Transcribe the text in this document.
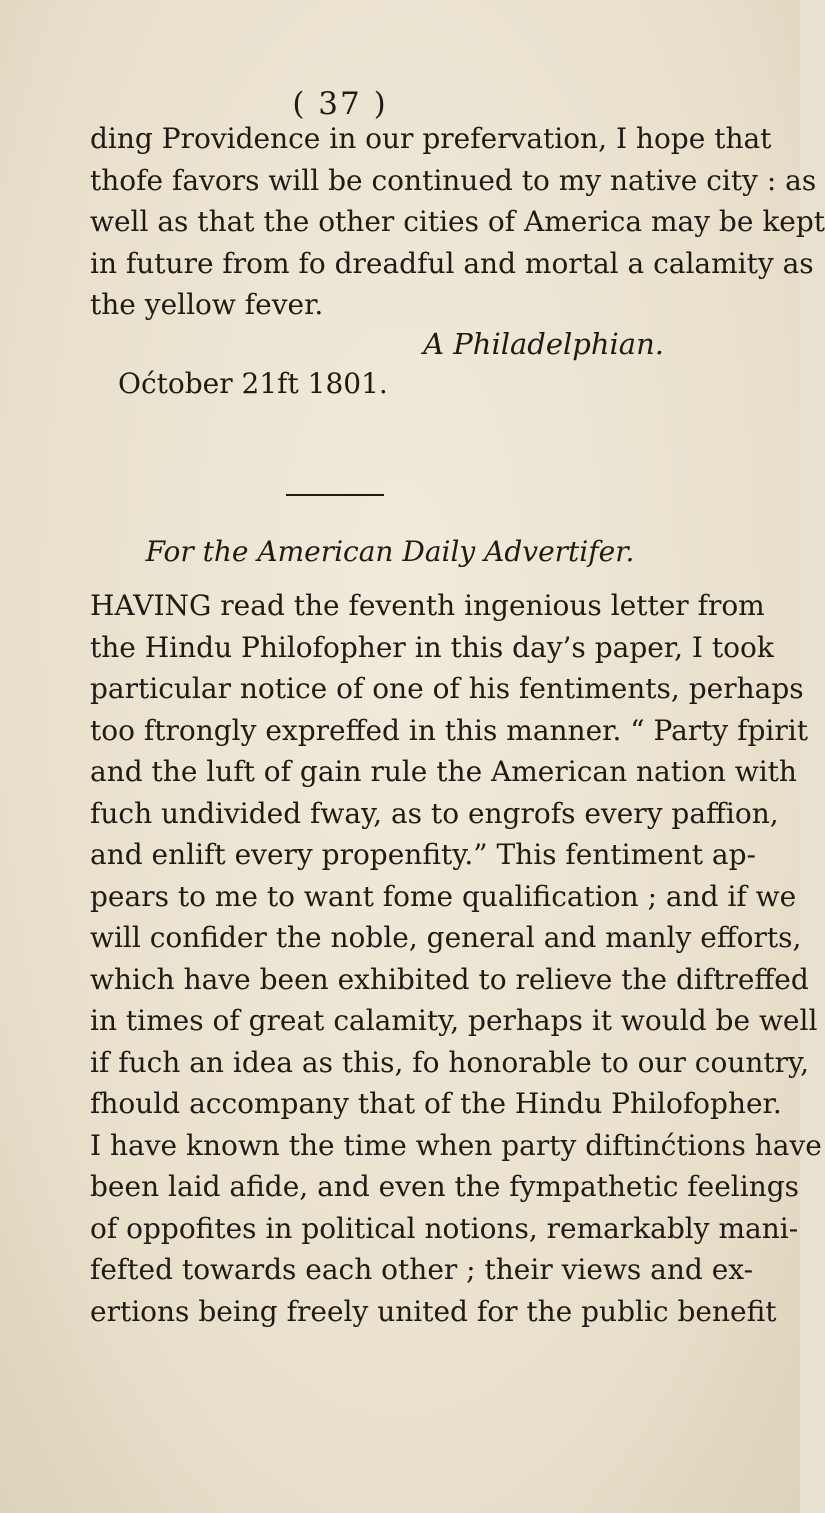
( 37 )
ding Providence in our prefervation, I hope that
thofe favors will be continued to my native city : as
well as that the other cities of America may be kept
in future from fo dreadful and mortal a calamity as
the yellow fever.
A Philadelphian.
Oćtober 21ft 1801.
For the American Daily Advertifer.
HAVING read the feventh ingenious letter from
the Hindu Philofopher in this day’s paper, I took
particular notice of one of his fentiments, perhaps
too ftrongly expreffed in this manner. “ Party fpirit
and the luft of gain rule the American nation with
fuch undivided fway, as to engrofs every paffion,
and enlift every propenfity.” This fentiment ap-
pears to me to want fome qualification ; and if we
will confider the noble, general and manly efforts,
which have been exhibited to relieve the diftreffed
in times of great calamity, perhaps it would be well
if fuch an idea as this, fo honorable to our country,
fhould accompany that of the Hindu Philofopher.
I have known the time when party diftinćtions have
been laid afide, and even the fympathetic feelings
of oppofites in political notions, remarkably mani-
fefted towards each other ; their views and ex-
ertions being freely united for the public benefit
